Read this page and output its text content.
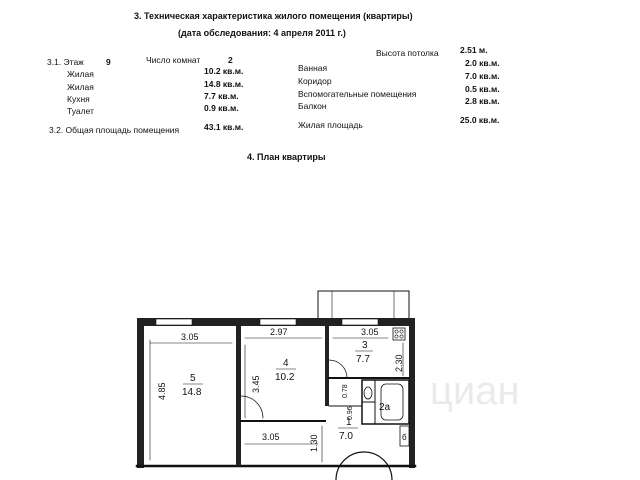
3. Техническая характеристика жилого помещения (квартиры)
(дата обследования: 4 апреля 2011 г.)
3.1. Этаж	9	Число комнат	2
Высота потолка	2.51 м.
Жилая	10.2 кв.м.
Жилая	14.8 кв.м.
Кухня	7.7 кв.м.
Туалет	0.9 кв.м.
Ванная	2.0 кв.м.
Коридор	7.0 кв.м.
Вспомогательные помещения	0.5 кв.м.
Балкон	2.8 кв.м.
3.2. Общая площадь помещения	43.1 кв.м.	Жилая площадь	25.0 кв.м.
4. План квартиры
5
14.8
4
10.2
3
7.7
1
7.0
2а
б
3.05	2.97	3.05
3.05
4.85	3.45
2.30
1.30
0.78
0.96
циан
